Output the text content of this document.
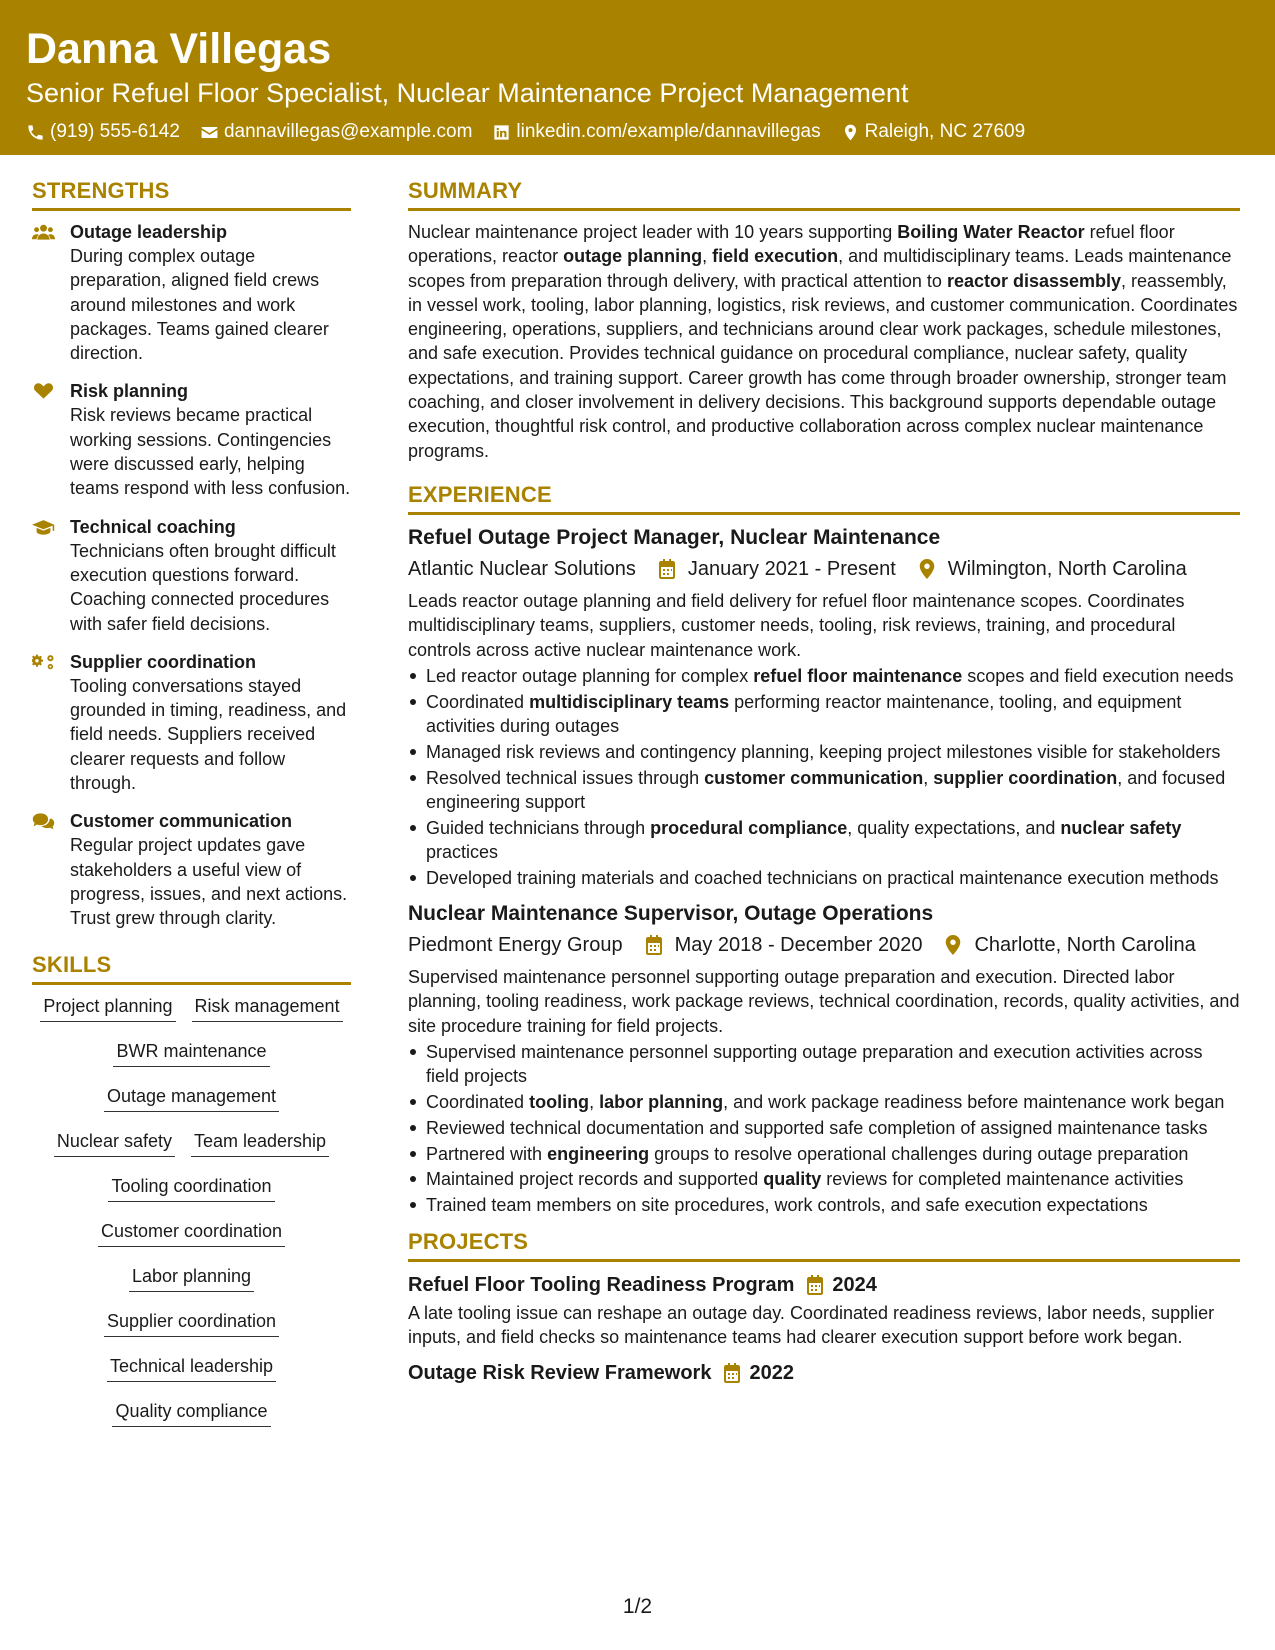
Danna Villegas
Senior Refuel Floor Specialist, Nuclear Maintenance Project Management
(919) 555-6142 dannavillegas@example.com linkedin.com/example/dannavillegas Raleigh, NC 27609
STRENGTHS
Outage leadership
During complex outage preparation, aligned field crews around milestones and work packages. Teams gained clearer direction.
Risk planning
Risk reviews became practical working sessions. Contingencies were discussed early, helping teams respond with less confusion.
Technical coaching
Technicians often brought difficult execution questions forward. Coaching connected procedures with safer field decisions.
Supplier coordination
Tooling conversations stayed grounded in timing, readiness, and field needs. Suppliers received clearer requests and follow through.
Customer communication
Regular project updates gave stakeholders a useful view of progress, issues, and next actions. Trust grew through clarity.
SKILLS
Project planning Risk management
BWR maintenance
Outage management
Nuclear safety Team leadership
Tooling coordination
Customer coordination
Labor planning
Supplier coordination
Technical leadership
Quality compliance
SUMMARY
Nuclear maintenance project leader with 10 years supporting Boiling Water Reactor refuel floor operations, reactor outage planning, field execution, and multidisciplinary teams. Leads maintenance scopes from preparation through delivery, with practical attention to reactor disassembly, reassembly, in vessel work, tooling, labor planning, logistics, risk reviews, and customer communication. Coordinates engineering, operations, suppliers, and technicians around clear work packages, schedule milestones, and safe execution. Provides technical guidance on procedural compliance, nuclear safety, quality expectations, and training support. Career growth has come through broader ownership, stronger team coaching, and closer involvement in delivery decisions. This background supports dependable outage execution, thoughtful risk control, and productive collaboration across complex nuclear maintenance programs.
EXPERIENCE
Refuel Outage Project Manager, Nuclear Maintenance
Atlantic Nuclear Solutions	January 2021 - Present	Wilmington, North Carolina
Leads reactor outage planning and field delivery for refuel floor maintenance scopes. Coordinates multidisciplinary teams, suppliers, customer needs, tooling, risk reviews, training, and procedural controls across active nuclear maintenance work.
Led reactor outage planning for complex refuel floor maintenance scopes and field execution needs
Coordinated multidisciplinary teams performing reactor maintenance, tooling, and equipment activities during outages
Managed risk reviews and contingency planning, keeping project milestones visible for stakeholders
Resolved technical issues through customer communication, supplier coordination, and focused engineering support
Guided technicians through procedural compliance, quality expectations, and nuclear safety practices
Developed training materials and coached technicians on practical maintenance execution methods
Nuclear Maintenance Supervisor, Outage Operations
Piedmont Energy Group	May 2018 - December 2020	Charlotte, North Carolina
Supervised maintenance personnel supporting outage preparation and execution. Directed labor planning, tooling readiness, work package reviews, technical coordination, records, quality activities, and site procedure training for field projects.
Supervised maintenance personnel supporting outage preparation and execution activities across field projects
Coordinated tooling, labor planning, and work package readiness before maintenance work began
Reviewed technical documentation and supported safe completion of assigned maintenance tasks
Partnered with engineering groups to resolve operational challenges during outage preparation
Maintained project records and supported quality reviews for completed maintenance activities
Trained team members on site procedures, work controls, and safe execution expectations
PROJECTS
Refuel Floor Tooling Readiness Program 2024
A late tooling issue can reshape an outage day. Coordinated readiness reviews, labor needs, supplier inputs, and field checks so maintenance teams had clearer execution support before work began.
Outage Risk Review Framework 2022
1/2
